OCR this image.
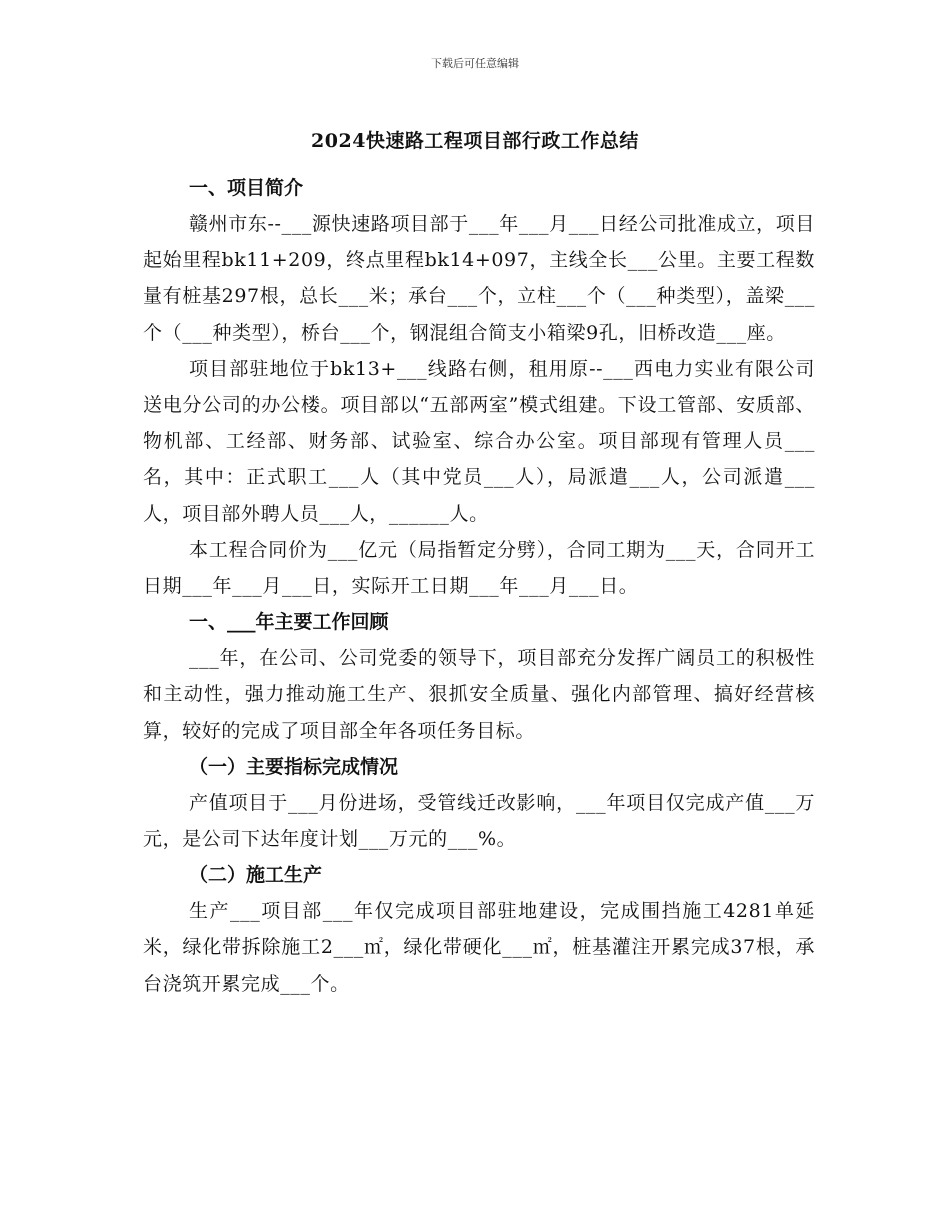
下载后可任意编辑
2024快速路工程项目部行政工作总结

一、项目简介

赣州市东--___源快速路项目部于___年___月___日经公司批准成立，项目起始里程bk11+209，终点里程bk14+097，主线全长___公里。主要工程数量有桩基297根，总长___米；承台___个，立柱___个（___种类型），盖梁___个（___种类型），桥台___个，钢混组合简支小箱梁9孔，旧桥改造___座。

项目部驻地位于bk13+___线路右侧，租用原--___西电力实业有限公司送电分公司的办公楼。项目部以“五部两室”模式组建。下设工管部、安质部、物机部、工经部、财务部、试验室、综合办公室。项目部现有管理人员___名，其中：正式职工___人（其中党员___人），局派遣___人，公司派遣___人，项目部外聘人员___人，______人。

本工程合同价为___亿元（局指暂定分劈），合同工期为___天，合同开工日期___年___月___日，实际开工日期___年___月___日。

一、___年主要工作回顾

___年，在公司、公司党委的领导下，项目部充分发挥广阔员工的积极性和主动性，强力推动施工生产、狠抓安全质量、强化内部管理、搞好经营核算，较好的完成了项目部全年各项任务目标。

（一）主要指标完成情况

产值项目于___月份进场，受管线迁改影响，___年项目仅完成产值___万元，是公司下达年度计划___万元的___%。

（二）施工生产

生产___项目部___年仅完成项目部驻地建设，完成围挡施工4281单延米，绿化带拆除施工2___㎡，绿化带硬化___㎡，桩基灌注开累完成37根，承台浇筑开累完成___个。
